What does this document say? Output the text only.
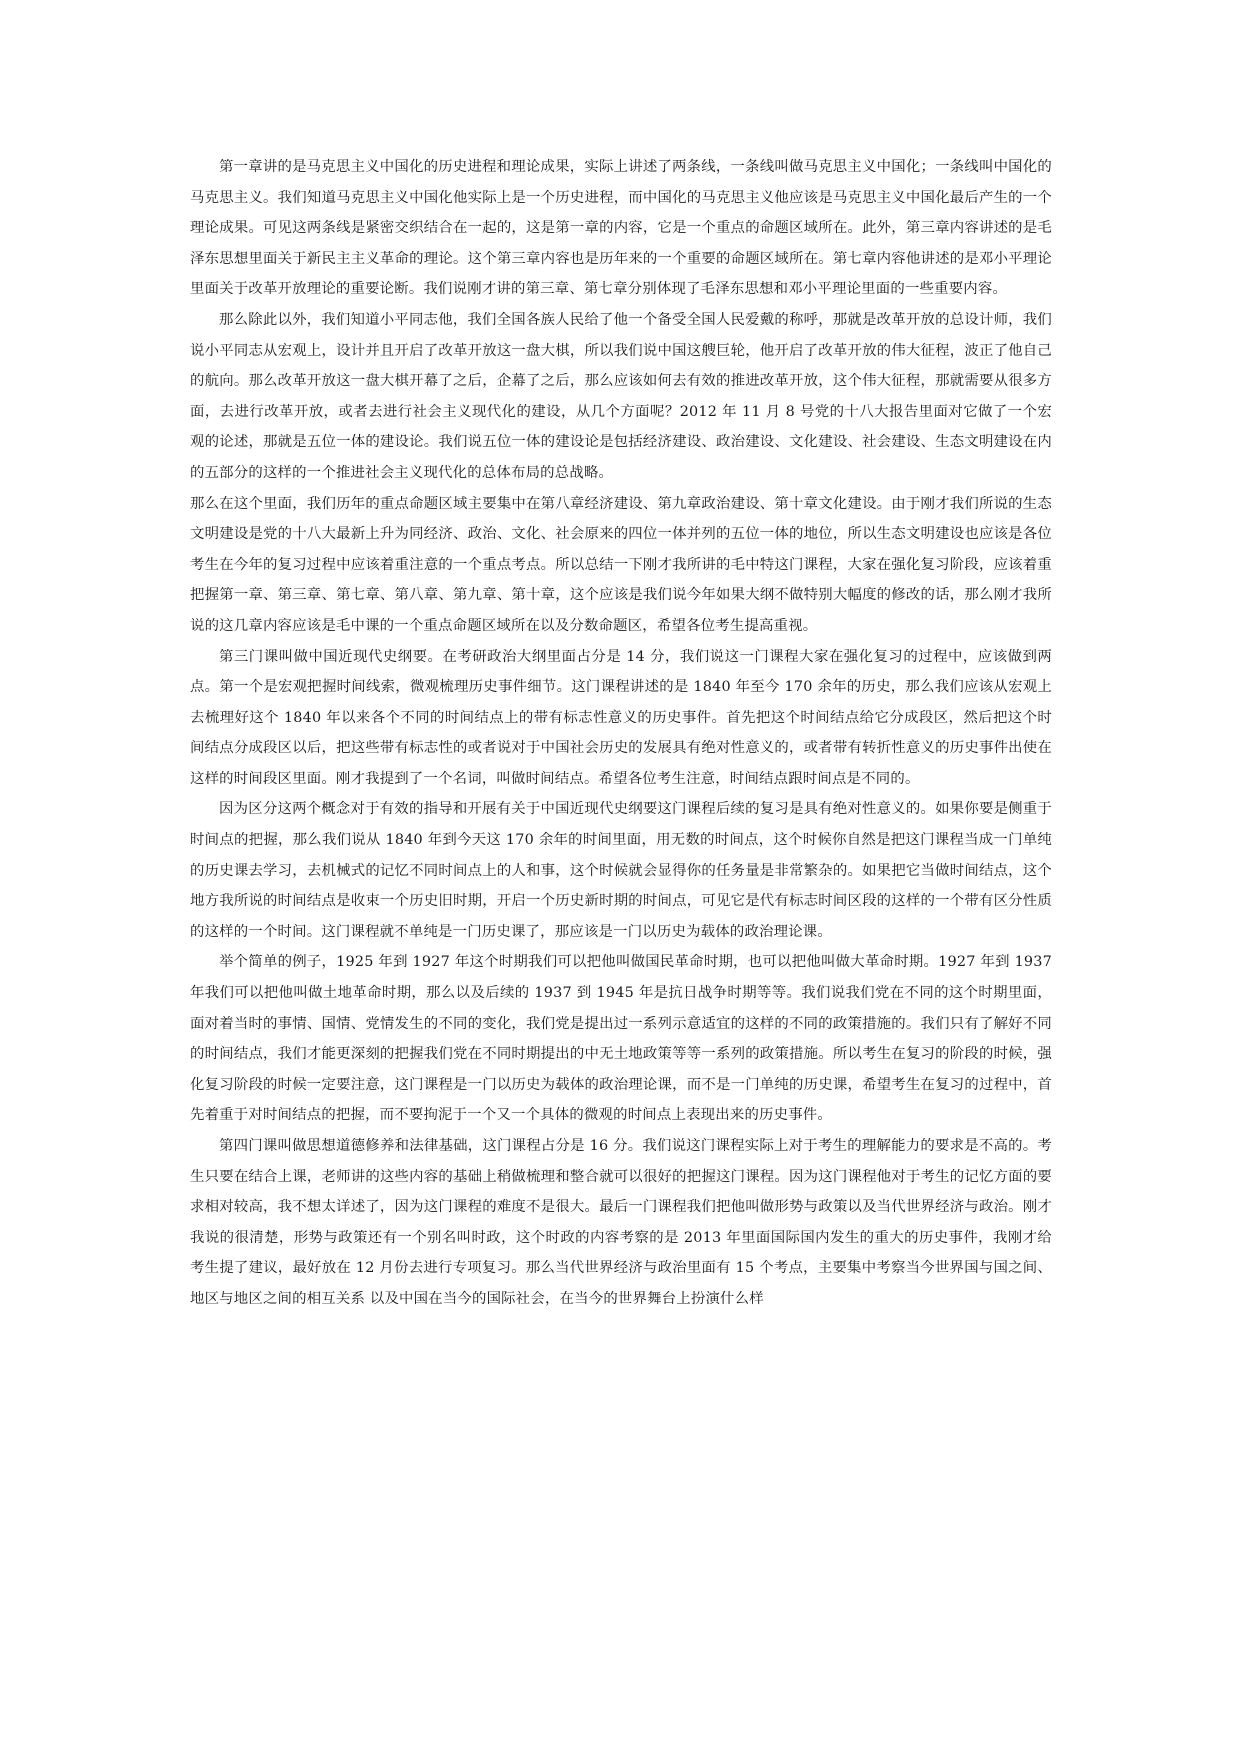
第一章讲的是马克思主义中国化的历史进程和理论成果，实际上讲述了两条线，一条线叫做马克思主义中国化；一条线叫中国化的马克思主义。我们知道马克思主义中国化他实际上是一个历史进程，而中国化的马克思主义他应该是马克思主义中国化最后产生的一个理论成果。可见这两条线是紧密交织结合在一起的，这是第一章的内容，它是一个重点的命题区域所在。此外，第三章内容讲述的是毛泽东思想里面关于新民主主义革命的理论。这个第三章内容也是历年来的一个重要的命题区域所在。第七章内容他讲述的是邓小平理论里面关于改革开放理论的重要论断。我们说刚才讲的第三章、第七章分别体现了毛泽东思想和邓小平理论里面的一些重要内容。

那么除此以外，我们知道小平同志他，我们全国各族人民给了他一个备受全国人民爱戴的称呼，那就是改革开放的总设计师，我们说小平同志从宏观上，设计并且开启了改革开放这一盘大棋，所以我们说中国这艘巨轮，他开启了改革开放的伟大征程，波正了他自己的航向。那么改革开放这一盘大棋开幕了之后，企幕了之后，那么应该如何去有效的推进改革开放，这个伟大征程，那就需要从很多方面，去进行改革开放，或者去进行社会主义现代化的建设，从几个方面呢？2012 年 11 月 8 号党的十八大报告里面对它做了一个宏观的论述，那就是五位一体的建设论。我们说五位一体的建设论是包括经济建设、政治建设、文化建设、社会建设、生态文明建设在内的五部分的这样的一个推进社会主义现代化的总体布局的总战略。

那么在这个里面，我们历年的重点命题区域主要集中在第八章经济建设、第九章政治建设、第十章文化建设。由于刚才我们所说的生态文明建设是党的十八大最新上升为同经济、政治、文化、社会原来的四位一体并列的五位一体的地位，所以生态文明建设也应该是各位考生在今年的复习过程中应该着重注意的一个重点考点。所以总结一下刚才我所讲的毛中特这门课程，大家在强化复习阶段，应该着重把握第一章、第三章、第七章、第八章、第九章、第十章，这个应该是我们说今年如果大纲不做特别大幅度的修改的话，那么刚才我所说的这几章内容应该是毛中课的一个重点命题区域所在以及分数命题区，希望各位考生提高重视。

第三门课叫做中国近现代史纲要。在考研政治大纲里面占分是 14 分，我们说这一门课程大家在强化复习的过程中，应该做到两点。第一个是宏观把握时间线索，微观梳理历史事件细节。这门课程讲述的是 1840 年至今 170 余年的历史，那么我们应该从宏观上去梳理好这个 1840 年以来各个不同的时间结点上的带有标志性意义的历史事件。首先把这个时间结点给它分成段区，然后把这个时间结点分成段区以后，把这些带有标志性的或者说对于中国社会历史的发展具有绝对性意义的，或者带有转折性意义的历史事件出使在这样的时间段区里面。刚才我提到了一个名词，叫做时间结点。希望各位考生注意，时间结点跟时间点是不同的。

因为区分这两个概念对于有效的指导和开展有关于中国近现代史纲要这门课程后续的复习是具有绝对性意义的。如果你要是侧重于时间点的把握，那么我们说从 1840 年到今天这 170 余年的时间里面，用无数的时间点，这个时候你自然是把这门课程当成一门单纯的历史课去学习，去机械式的记忆不同时间点上的人和事，这个时候就会显得你的任务量是非常繁杂的。如果把它当做时间结点，这个地方我所说的时间结点是收束一个历史旧时期，开启一个历史新时期的时间点，可见它是代有标志时间区段的这样的一个带有区分性质的这样的一个时间。这门课程就不单纯是一门历史课了，那应该是一门以历史为载体的政治理论课。

举个简单的例子，1925 年到 1927 年这个时期我们可以把他叫做国民革命时期，也可以把他叫做大革命时期。1927 年到 1937 年我们可以把他叫做土地革命时期，那么以及后续的 1937 到 1945 年是抗日战争时期等等。我们说我们党在不同的这个时期里面，面对着当时的事情、国情、党情发生的不同的变化，我们党是提出过一系列示意适宜的这样的不同的政策措施的。我们只有了解好不同的时间结点，我们才能更深刻的把握我们党在不同时期提出的中无土地政策等等一系列的政策措施。所以考生在复习的阶段的时候，强化复习阶段的时候一定要注意，这门课程是一门以历史为载体的政治理论课，而不是一门单纯的历史课，希望考生在复习的过程中，首先着重于对时间结点的把握，而不要拘泥于一个又一个具体的微观的时间点上表现出来的历史事件。

第四门课叫做思想道德修养和法律基础，这门课程占分是 16 分。我们说这门课程实际上对于考生的理解能力的要求是不高的。考生只要在结合上课，老师讲的这些内容的基础上稍做梳理和整合就可以很好的把握这门课程。因为这门课程他对于考生的记忆方面的要求相对较高，我不想太详述了，因为这门课程的难度不是很大。最后一门课程我们把他叫做形势与政策以及当代世界经济与政治。刚才我说的很清楚，形势与政策还有一个别名叫时政，这个时政的内容考察的是 2013 年里面国际国内发生的重大的历史事件，我刚才给考生提了建议，最好放在 12 月份去进行专项复习。那么当代世界经济与政治里面有 15 个考点，主要集中考察当今世界国与国之间、地区与地区之间的相互关系 以及中国在当今的国际社会，在当今的世界舞台上扮演什么样
